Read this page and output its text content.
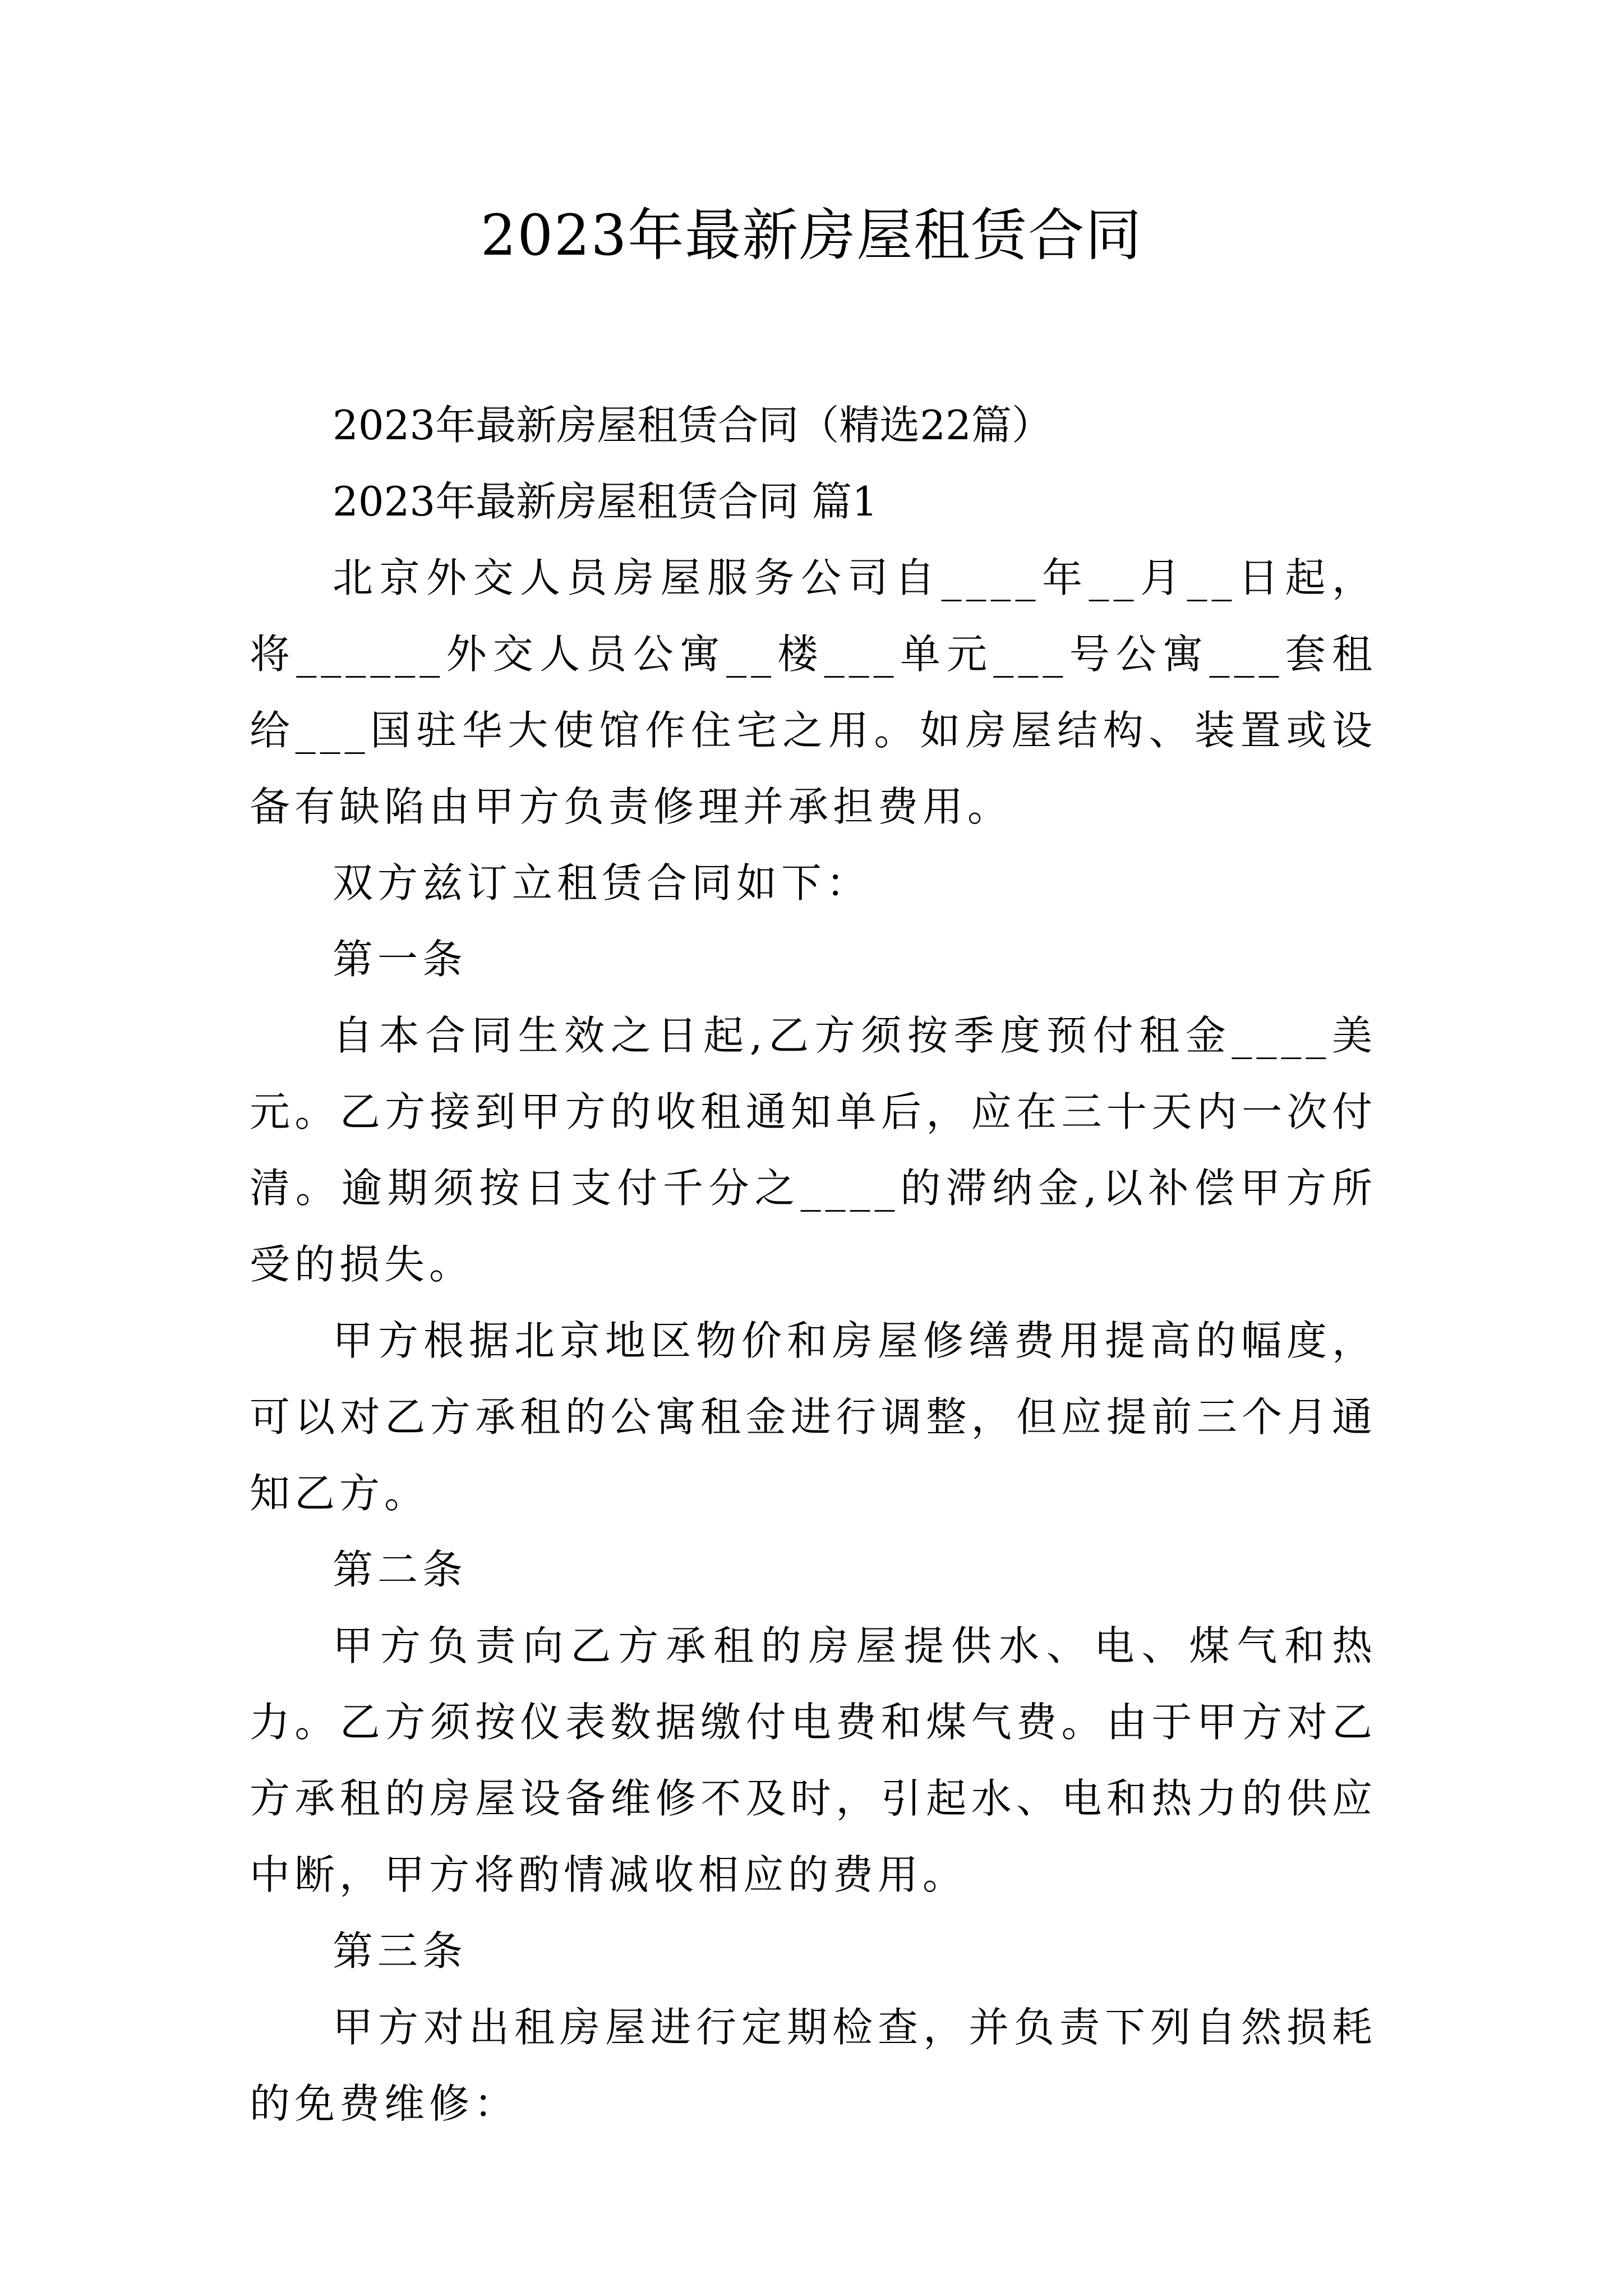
2023年最新房屋租赁合同

2023年最新房屋租赁合同（精选22篇）

2023年最新房屋租赁合同 篇1

北京外交人员房屋服务公司自____年__月__日起，将______外交人员公寓__楼___单元___号公寓___套租给___国驻华大使馆作住宅之用。如房屋结构、装置或设备有缺陷由甲方负责修理并承担费用。

双方兹订立租赁合同如下：

第一条

自本合同生效之日起,乙方须按季度预付租金____美元。乙方接到甲方的收租通知单后，应在三十天内一次付清。逾期须按日支付千分之____的滞纳金,以补偿甲方所受的损失。

甲方根据北京地区物价和房屋修缮费用提高的幅度，可以对乙方承租的公寓租金进行调整，但应提前三个月通知乙方。

第二条

甲方负责向乙方承租的房屋提供水、电、煤气和热力。乙方须按仪表数据缴付电费和煤气费。由于甲方对乙方承租的房屋设备维修不及时，引起水、电和热力的供应中断，甲方将酌情减收相应的费用。

第三条

甲方对出租房屋进行定期检查，并负责下列自然损耗的免费维修：
